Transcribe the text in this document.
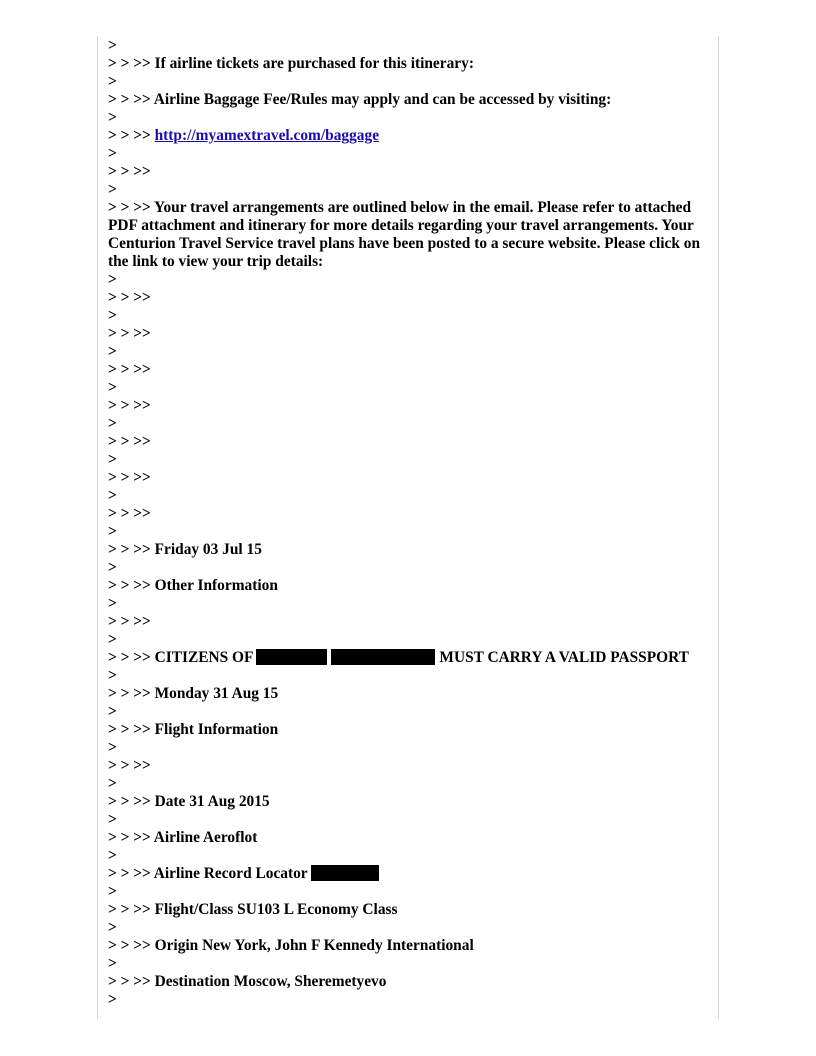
>
> > >> If airline tickets are purchased for this itinerary:
>
> > >> Airline Baggage Fee/Rules may apply and can be accessed by visiting:
>
> > >> http://myamextravel.com/baggage
>
> > >>
>
> > >> Your travel arrangements are outlined below in the email. Please refer to attached PDF attachment and itinerary for more details regarding your travel arrangements. Your Centurion Travel Service travel plans have been posted to a secure website. Please click on the link to view your trip details:
>
> > >>
>
> > >>
>
> > >>
>
> > >>
>
> > >>
>
> > >>
>
> > >>
>
> > >> Friday 03 Jul 15
>
> > >> Other Information
>
> > >>
>
> > >> CITIZENS OF	MUST CARRY A VALID PASSPORT
>
> > >> Monday 31 Aug 15
>
> > >> Flight Information
>
> > >>
>
> > >> Date 31 Aug 2015
>
> > >> Airline Aeroflot
>
> > >> Airline Record Locator
>
> > >> Flight/Class SU103 L Economy Class
>
> > >> Origin New York, John F Kennedy International
>
> > >> Destination Moscow, Sheremetyevo
>
